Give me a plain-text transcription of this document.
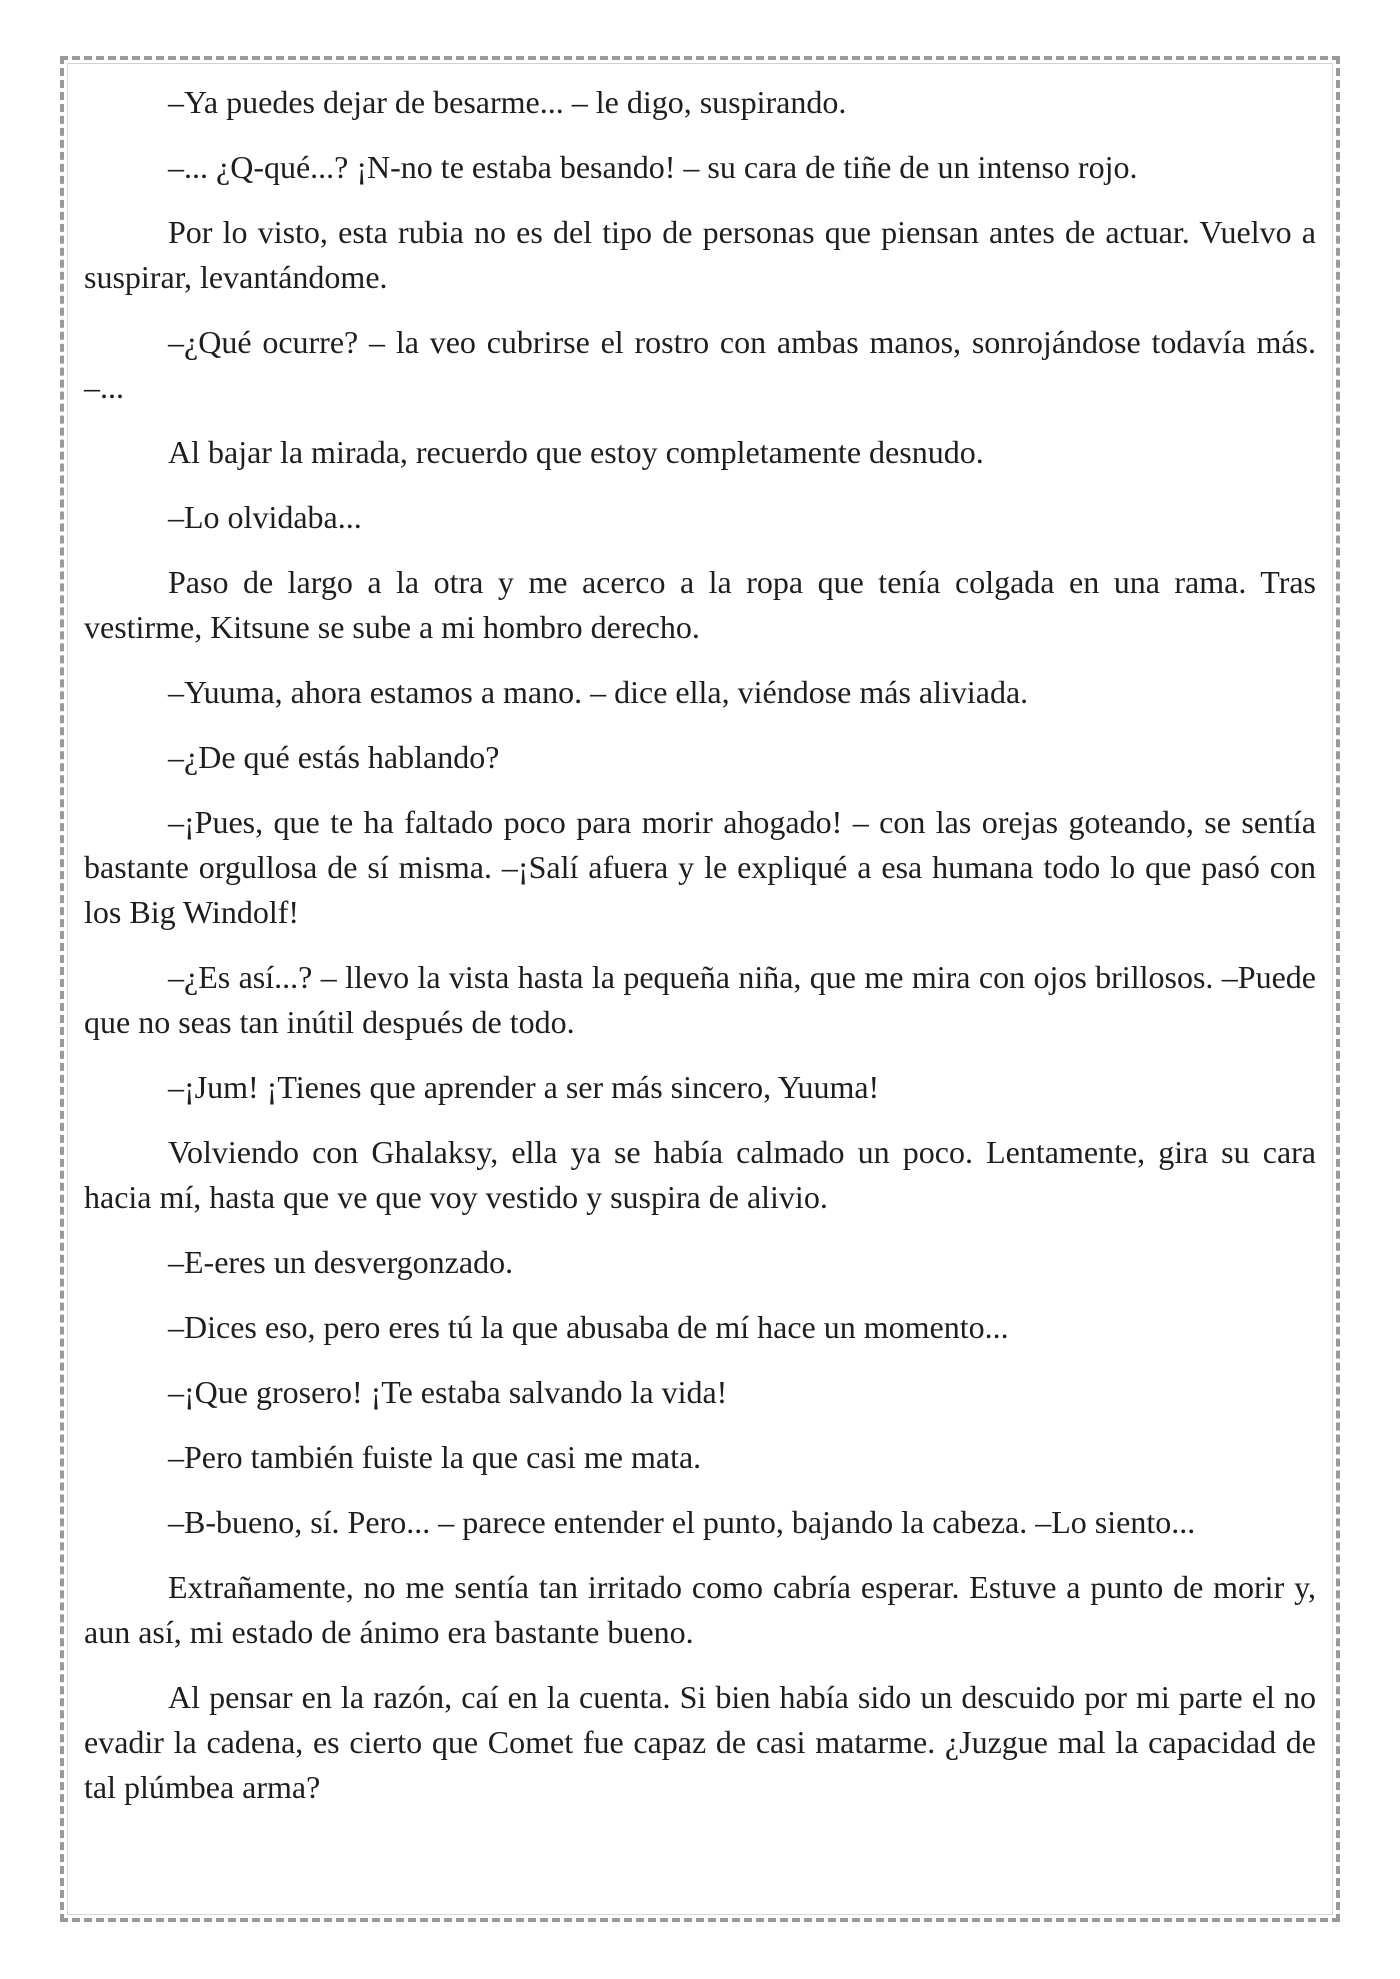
–Ya puedes dejar de besarme... – le digo, suspirando.

–... ¿Q-qué...? ¡N-no te estaba besando! – su cara de tiñe de un intenso rojo.

Por lo visto, esta rubia no es del tipo de personas que piensan antes de actuar. Vuelvo a suspirar, levantándome.

–¿Qué ocurre? – la veo cubrirse el rostro con ambas manos, sonrojándose todavía más. –...

Al bajar la mirada, recuerdo que estoy completamente desnudo.

–Lo olvidaba...

Paso de largo a la otra y me acerco a la ropa que tenía colgada en una rama. Tras vestirme, Kitsune se sube a mi hombro derecho.

–Yuuma, ahora estamos a mano. – dice ella, viéndose más aliviada.

–¿De qué estás hablando?

–¡Pues, que te ha faltado poco para morir ahogado! – con las orejas goteando, se sentía bastante orgullosa de sí misma. –¡Salí afuera y le expliqué a esa humana todo lo que pasó con los Big Windolf!

–¿Es así...? – llevo la vista hasta la pequeña niña, que me mira con ojos brillosos. –Puede que no seas tan inútil después de todo.

–¡Jum! ¡Tienes que aprender a ser más sincero, Yuuma!

Volviendo con Ghalaksy, ella ya se había calmado un poco. Lentamente, gira su cara hacia mí, hasta que ve que voy vestido y suspira de alivio.

–E-eres un desvergonzado.

–Dices eso, pero eres tú la que abusaba de mí hace un momento...

–¡Que grosero! ¡Te estaba salvando la vida!

–Pero también fuiste la que casi me mata.

–B-bueno, sí. Pero... – parece entender el punto, bajando la cabeza. –Lo siento...

Extrañamente, no me sentía tan irritado como cabría esperar. Estuve a punto de morir y, aun así, mi estado de ánimo era bastante bueno.

Al pensar en la razón, caí en la cuenta. Si bien había sido un descuido por mi parte el no evadir la cadena, es cierto que Comet fue capaz de casi matarme. ¿Juzgue mal la capacidad de tal plúmbea arma?
